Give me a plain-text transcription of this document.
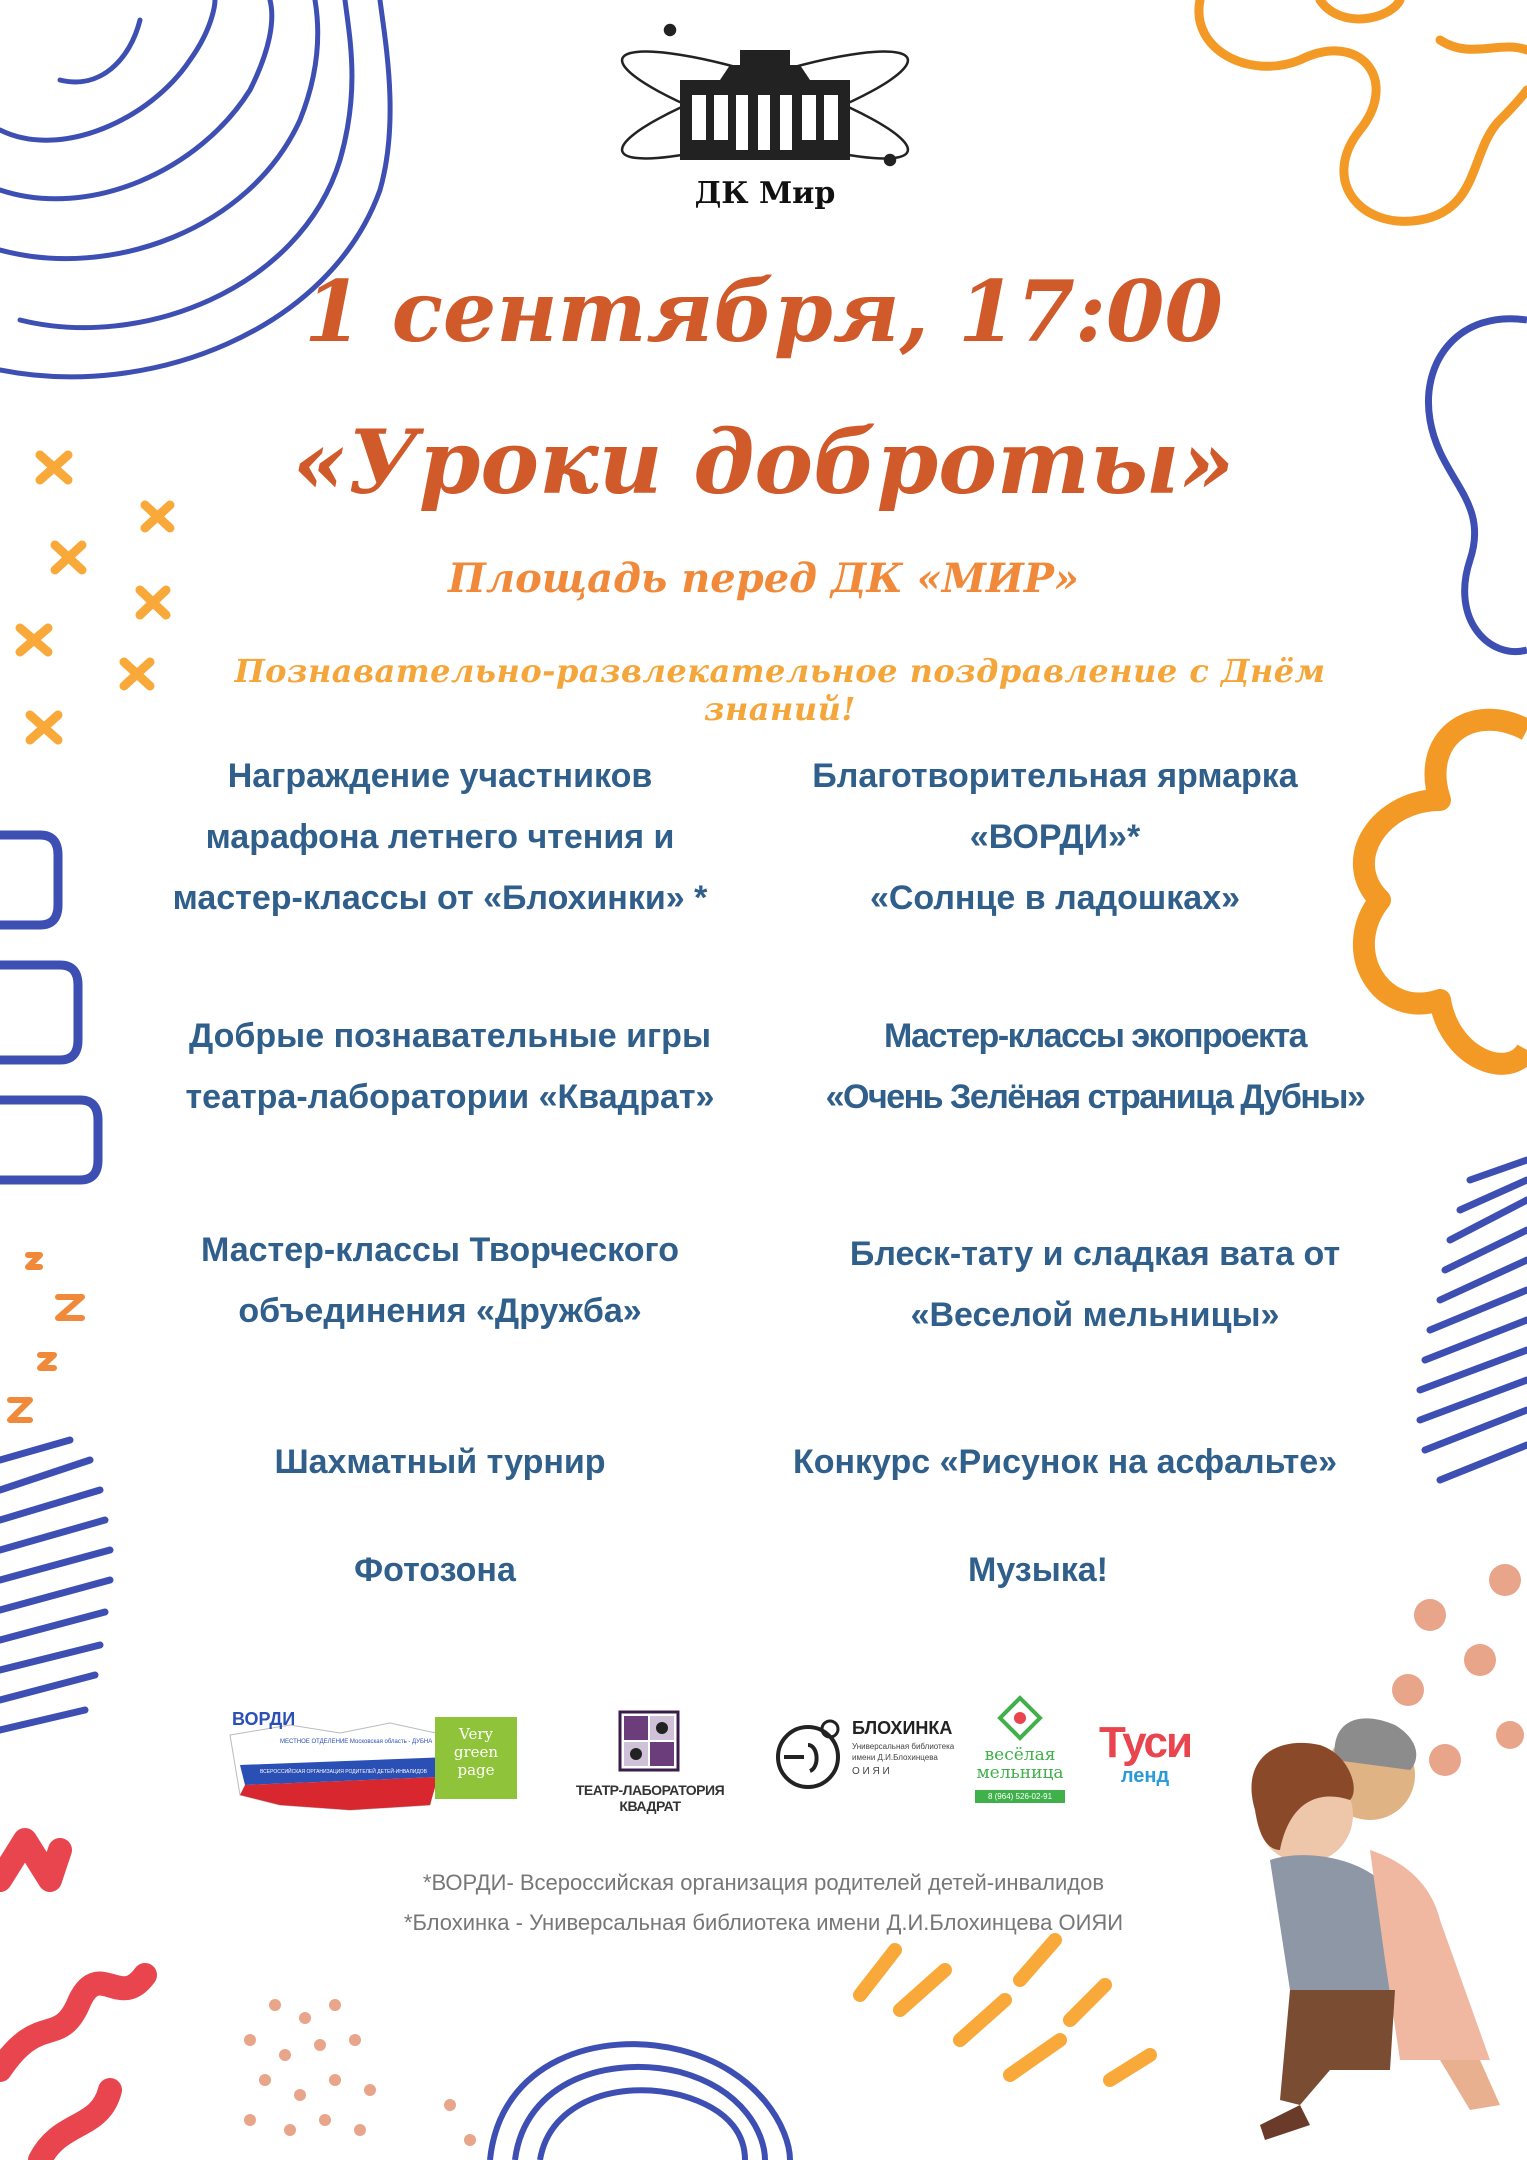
ДК Мир
1 сентября, 17:00
«Уроки доброты»
Площадь перед ДК «МИР»
Познавательно-развлекательное поздравление с Днём знаний!
Награждение участников
марафона летнего чтения и
мастер-классы от «Блохинки» *
Добрые познавательные игры
театра-лаборатории «Квадрат»
Мастер-классы Творческого
объединения «Дружба»
Шахматный турнир
Фотозона
Благотворительная ярмарка
«ВОРДИ»*
«Солнце в ладошках»
Мастер-классы экопроекта
«Очень Зелёная страница Дубны»
Блеск-тату и сладкая вата от
«Веселой мельницы»
Конкурс «Рисунок на асфальте»
Музыка!
ВОРДИ
МЕСТНОЕ ОТДЕЛЕНИЕ Московская область - ДУБНА
ВСЕРОССИЙСКАЯ ОРГАНИЗАЦИЯ РОДИТЕЛЕЙ ДЕТЕЙ-ИНВАЛИДОВ
Very
green
page
ТЕАТР-ЛАБОРАТОРИЯ КВАДРАТ
БЛОХИНКА
Универсальная библиотека
имени Д.И.Блохинцева
О И Я И
весёлая
мельница
8 (964) 526-02-91
Туси
ленд
*ВОРДИ- Всероссийская организация родителей детей-инвалидов
*Блохинка - Универсальная библиотека имени Д.И.Блохинцева ОИЯИ
